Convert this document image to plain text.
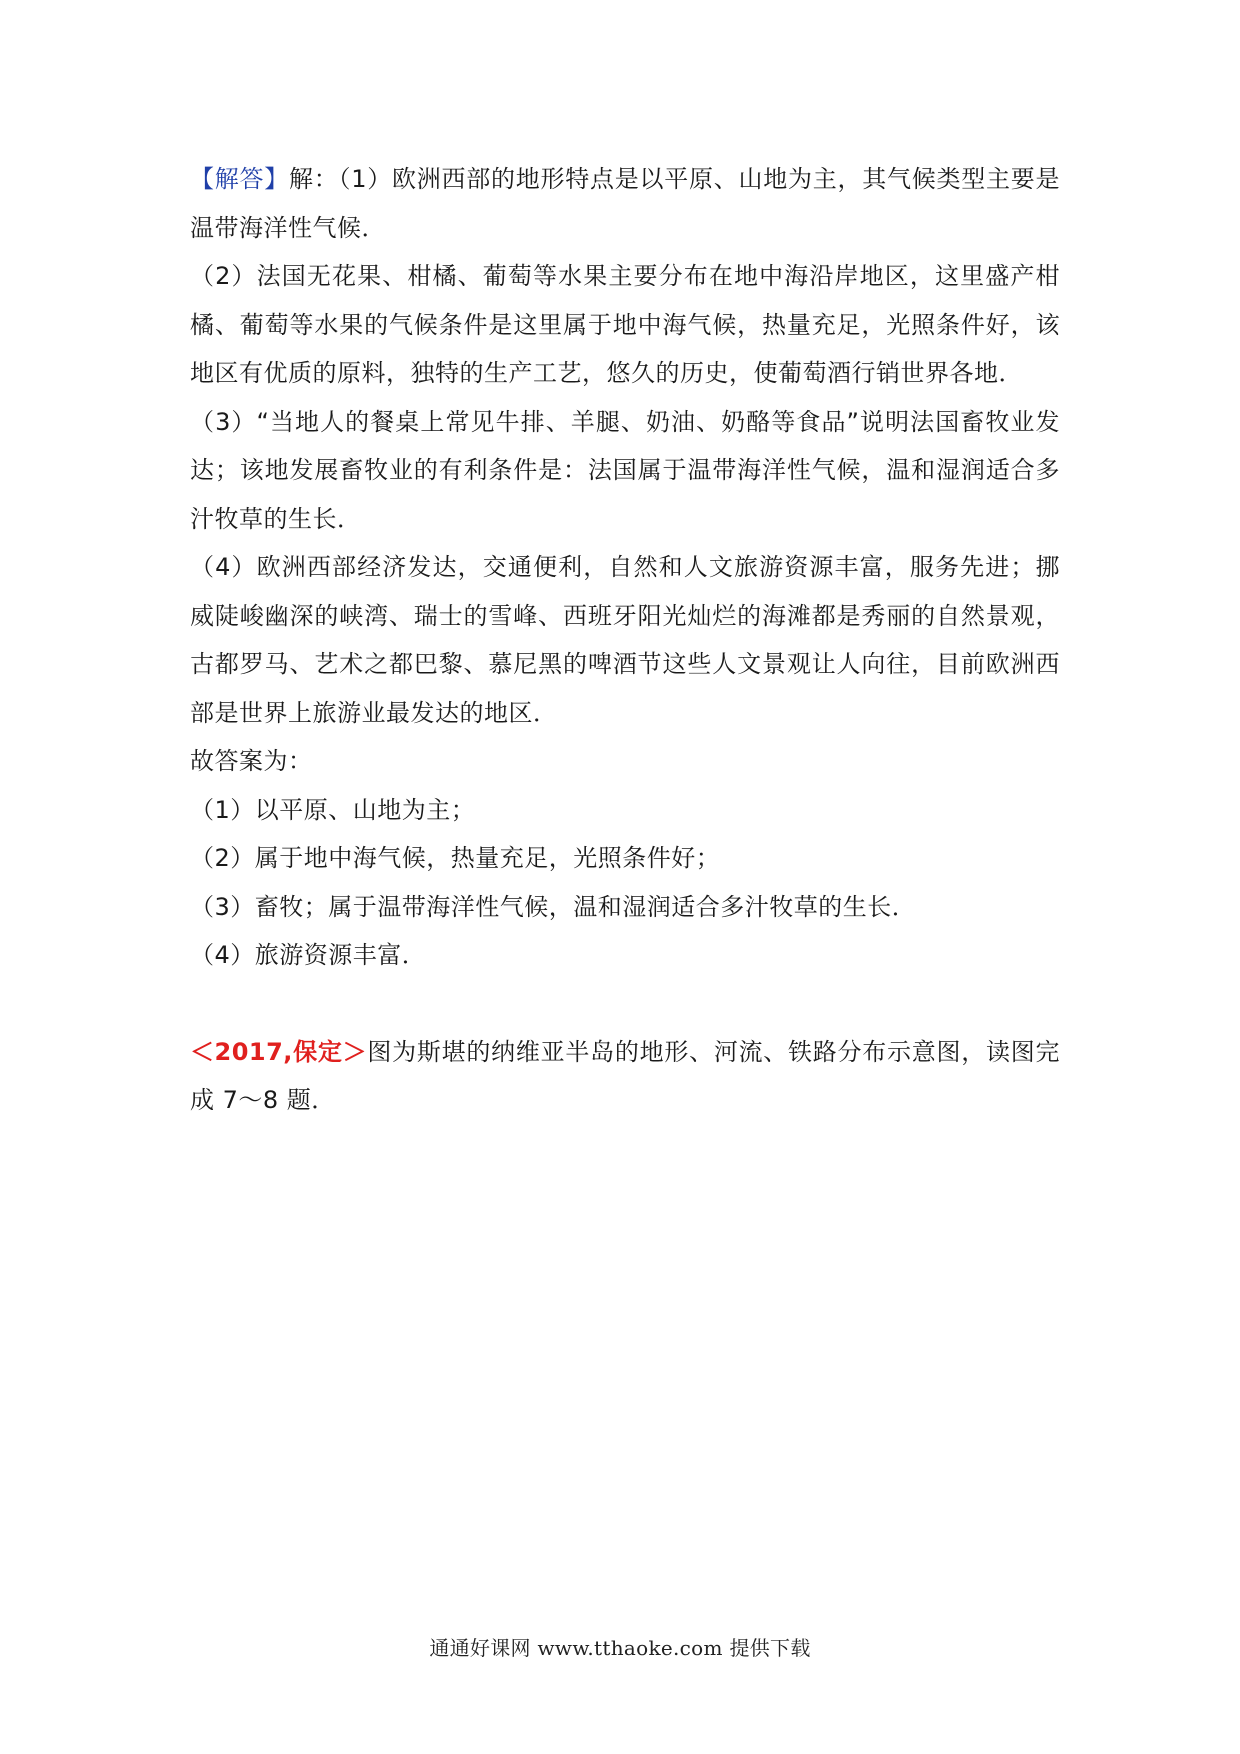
【解答】解：（1）欧洲西部的地形特点是以平原、山地为主，其气候类型主要是温带海洋性气候．

（2）法国无花果、柑橘、葡萄等水果主要分布在地中海沿岸地区，这里盛产柑橘、葡萄等水果的气候条件是这里属于地中海气候，热量充足，光照条件好，该地区有优质的原料，独特的生产工艺，悠久的历史，使葡萄酒行销世界各地．

（3）“当地人的餐桌上常见牛排、羊腿、奶油、奶酪等食品”说明法国畜牧业发达；该地发展畜牧业的有利条件是：法国属于温带海洋性气候，温和湿润适合多汁牧草的生长．

（4）欧洲西部经济发达，交通便利，自然和人文旅游资源丰富，服务先进；挪威陡峻幽深的峡湾、瑞士的雪峰、西班牙阳光灿烂的海滩都是秀丽的自然景观，古都罗马、艺术之都巴黎、慕尼黑的啤酒节这些人文景观让人向往，目前欧洲西部是世界上旅游业最发达的地区．

故答案为：

（1）以平原、山地为主；

（2）属于地中海气候，热量充足，光照条件好；

（3）畜牧；属于温带海洋性气候，温和湿润适合多汁牧草的生长．

（4）旅游资源丰富．

＜2017,保定＞图为斯堪的纳维亚半岛的地形、河流、铁路分布示意图，读图完成 7～8 题．

通通好课网 www.tthaoke.com 提供下载
